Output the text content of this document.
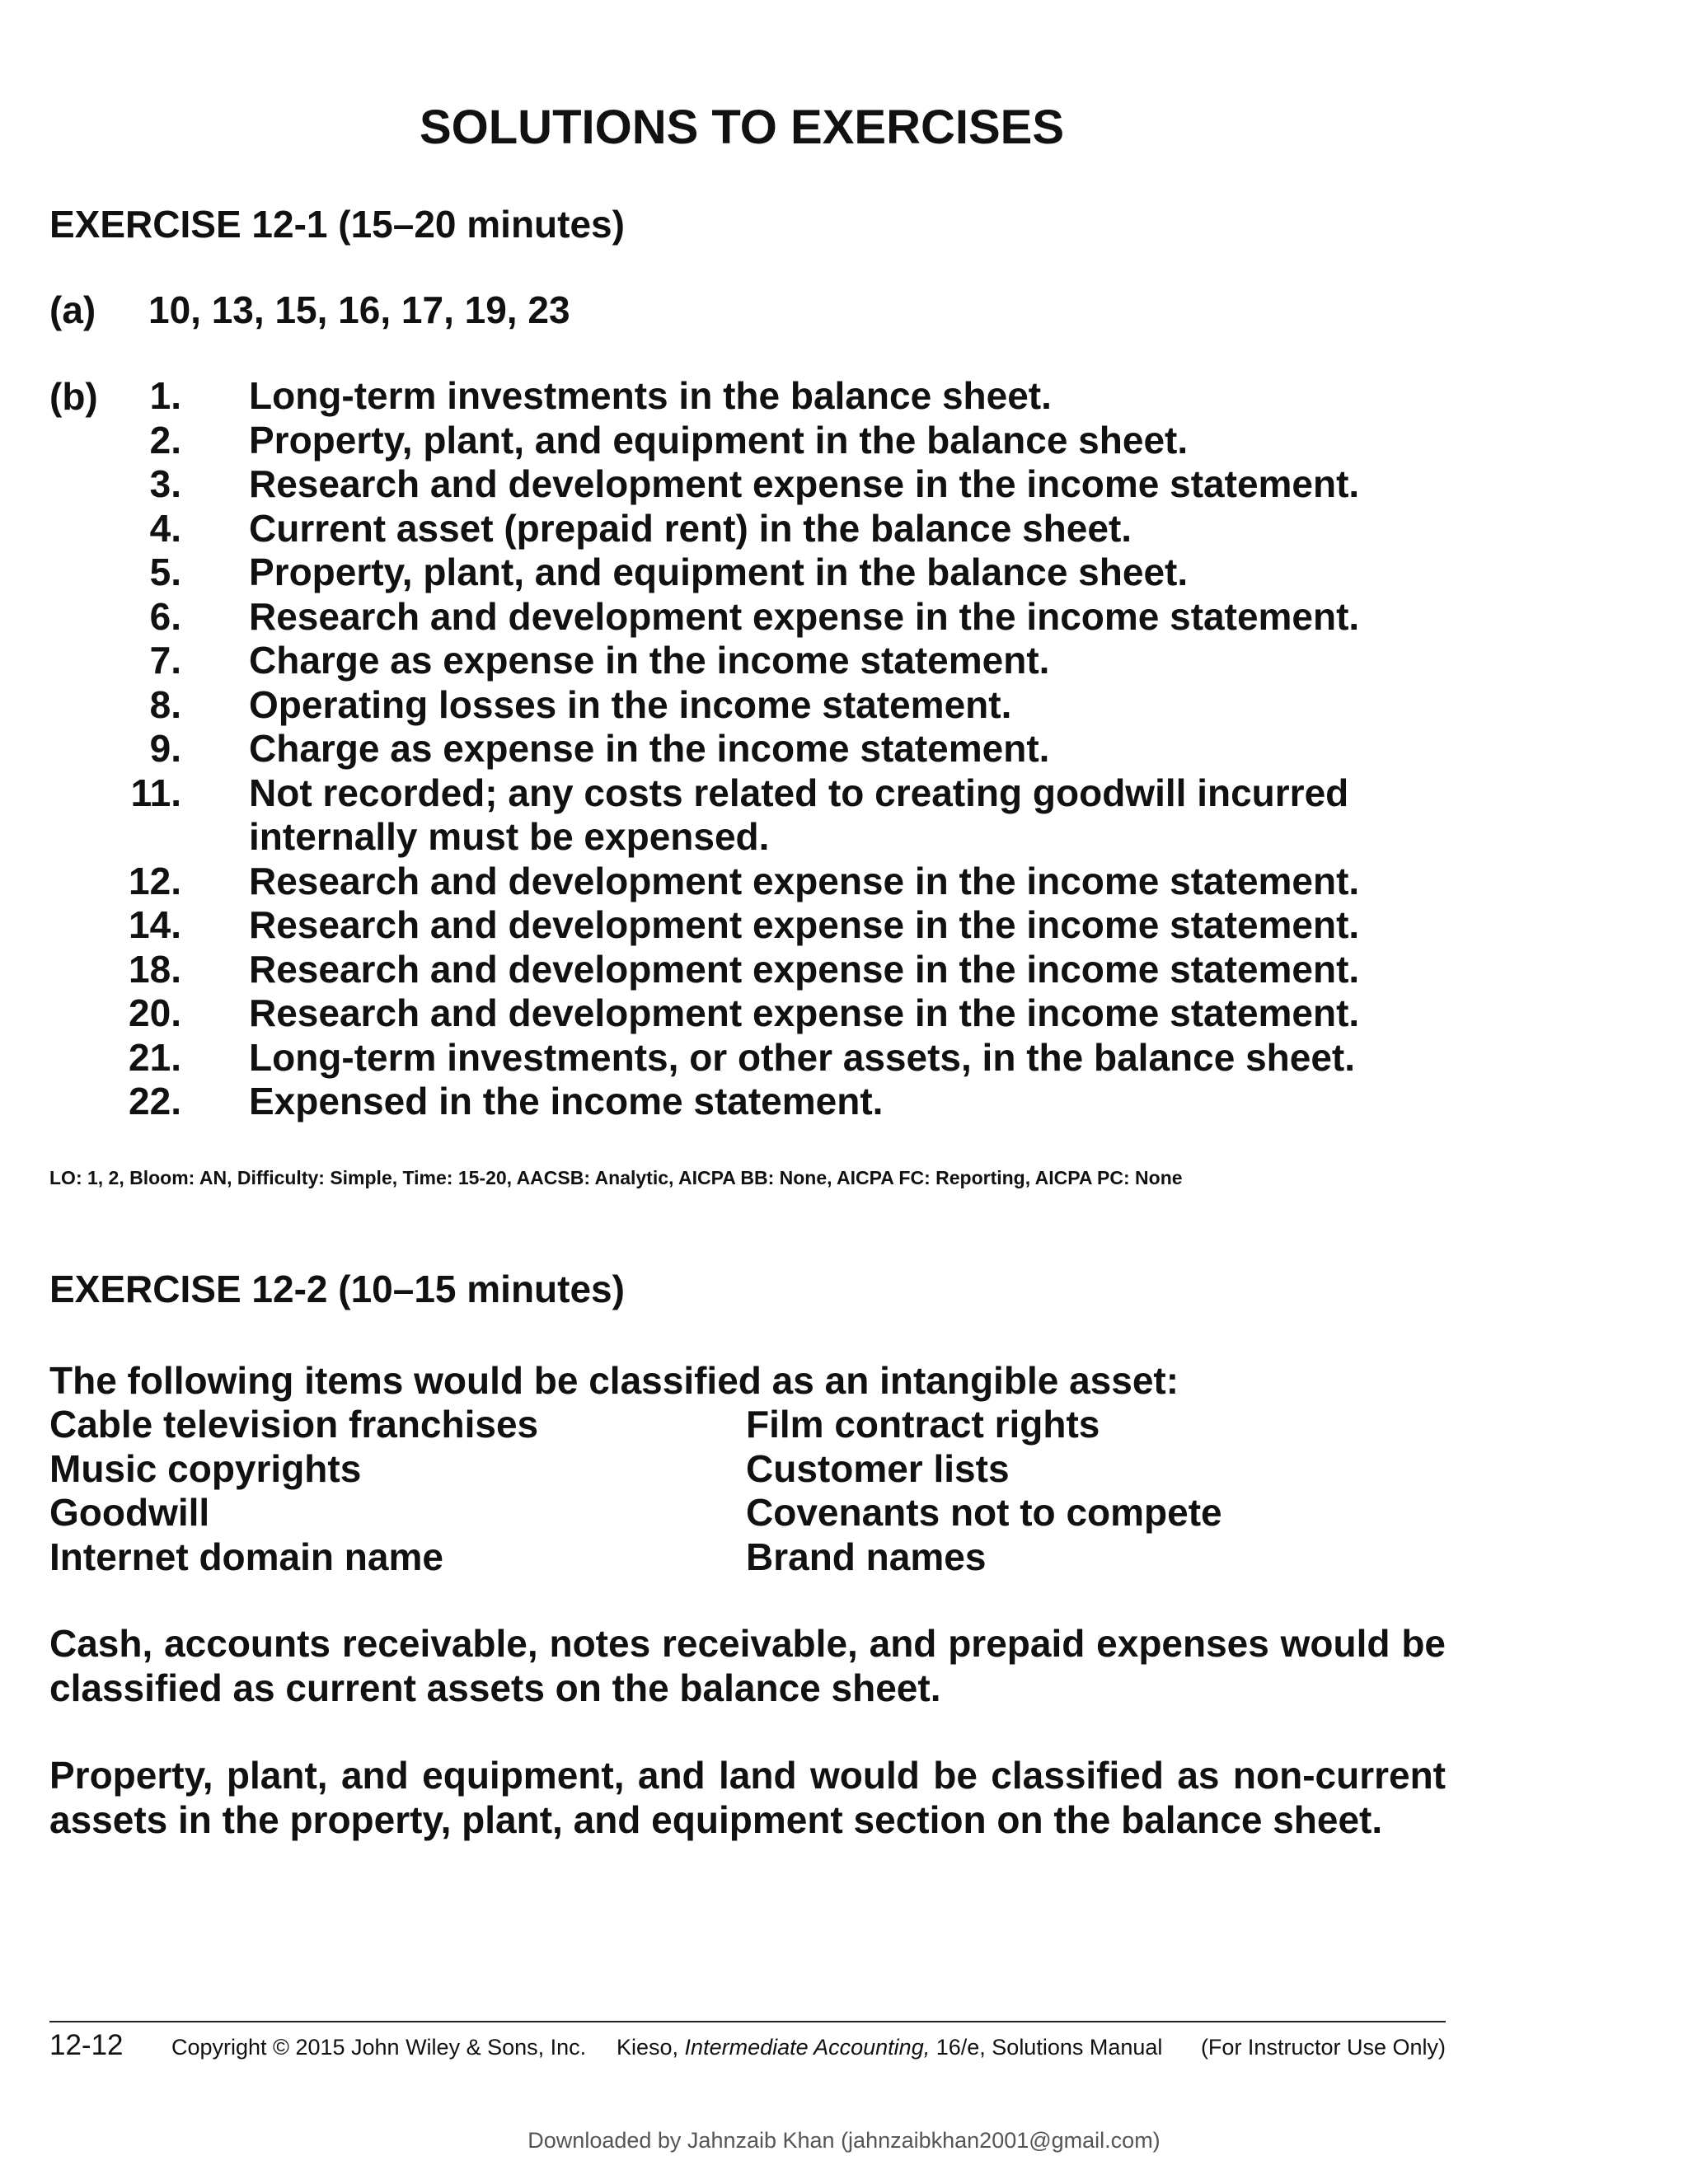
SOLUTIONS TO EXERCISES
EXERCISE 12-1 (15–20 minutes)
(a) 10, 13, 15, 16, 17, 19, 23
(b)	1. Long-term investments in the balance sheet.
2. Property, plant, and equipment in the balance sheet.
3. Research and development expense in the income statement.
4. Current asset (prepaid rent) in the balance sheet.
5. Property, plant, and equipment in the balance sheet.
6. Research and development expense in the income statement.
7. Charge as expense in the income statement.
8. Operating losses in the income statement.
9. Charge as expense in the income statement.
11. Not recorded; any costs related to creating goodwill incurred internally must be expensed.
12. Research and development expense in the income statement.
14. Research and development expense in the income statement.
18. Research and development expense in the income statement.
20. Research and development expense in the income statement.
21. Long-term investments, or other assets, in the balance sheet.
22. Expensed in the income statement.
LO: 1, 2, Bloom: AN, Difficulty: Simple, Time: 15-20, AACSB: Analytic, AICPA BB: None, AICPA FC: Reporting, AICPA PC: None
EXERCISE 12-2 (10–15 minutes)
The following items would be classified as an intangible asset:
Cable television franchises	Film contract rights
Music copyrights	Customer lists
Goodwill	Covenants not to compete
Internet domain name	Brand names
Cash, accounts receivable, notes receivable, and prepaid expenses would be classified as current assets on the balance sheet.
Property, plant, and equipment, and land would be classified as non-current assets in the property, plant, and equipment section on the balance sheet.
12-12 Copyright © 2015 John Wiley & Sons, Inc. Kieso, Intermediate Accounting, 16/e, Solutions Manual (For Instructor Use Only)
Downloaded by Jahnzaib Khan (jahnzaibkhan2001@gmail.com)
